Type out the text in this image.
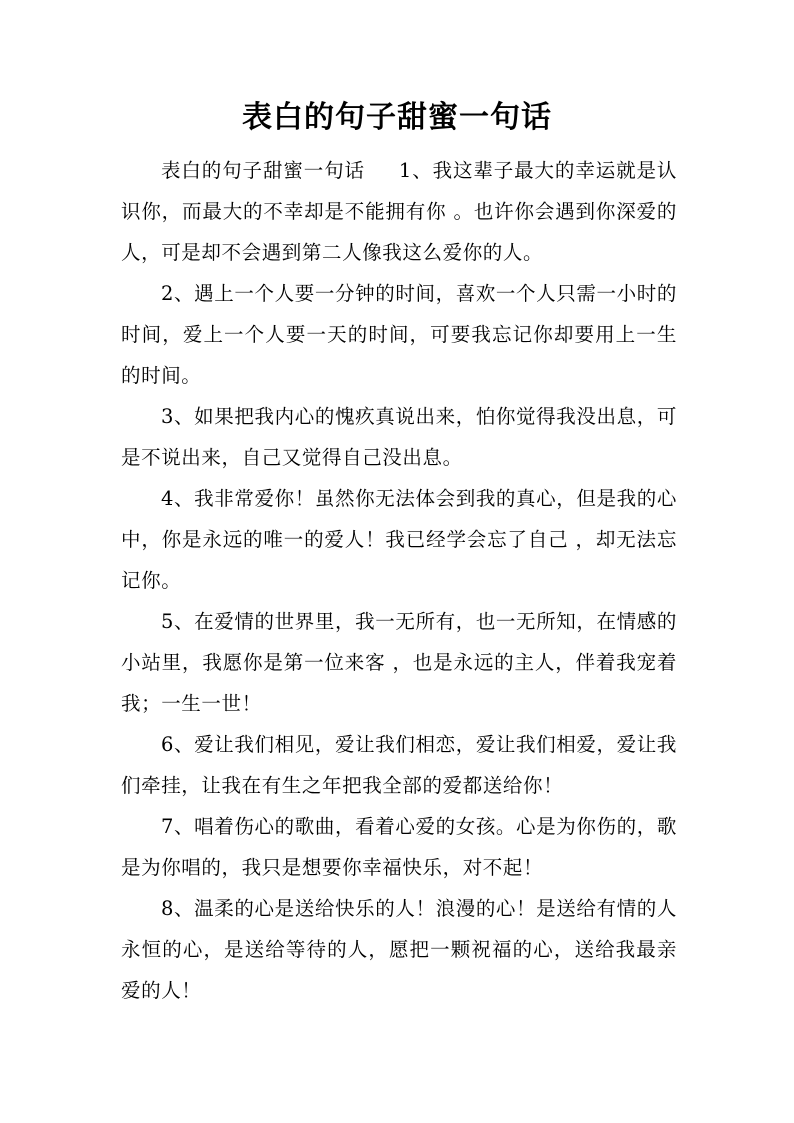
表白的句子甜蜜一句话

表白的句子甜蜜一句话 1、我这辈子最大的幸运就是认识你，而最大的不幸却是不能拥有你 。也许你会遇到你深爱的人，可是却不会遇到第二人像我这么爱你的人。

2、遇上一个人要一分钟的时间，喜欢一个人只需一小时的时间，爱上一个人要一天的时间，可要我忘记你却要用上一生的时间。

3、如果把我内心的愧疚真说出来，怕你觉得我没出息，可是不说出来，自己又觉得自己没出息。

4、我非常爱你！虽然你无法体会到我的真心，但是我的心中，你是永远的唯一的爱人！我已经学会忘了自己 ，却无法忘记你。

5、在爱情的世界里，我一无所有，也一无所知，在情感的小站里，我愿你是第一位来客 ，也是永远的主人，伴着我宠着我；一生一世！

6、爱让我们相见，爱让我们相恋，爱让我们相爱，爱让我们牵挂，让我在有生之年把我全部的爱都送给你！

7、唱着伤心的歌曲，看着心爱的女孩。心是为你伤的，歌是为你唱的，我只是想要你幸福快乐，对不起！

8、温柔的心是送给快乐的人！浪漫的心！是送给有情的人永恒的心，是送给等待的人，愿把一颗祝福的心，送给我最亲爱的人！
